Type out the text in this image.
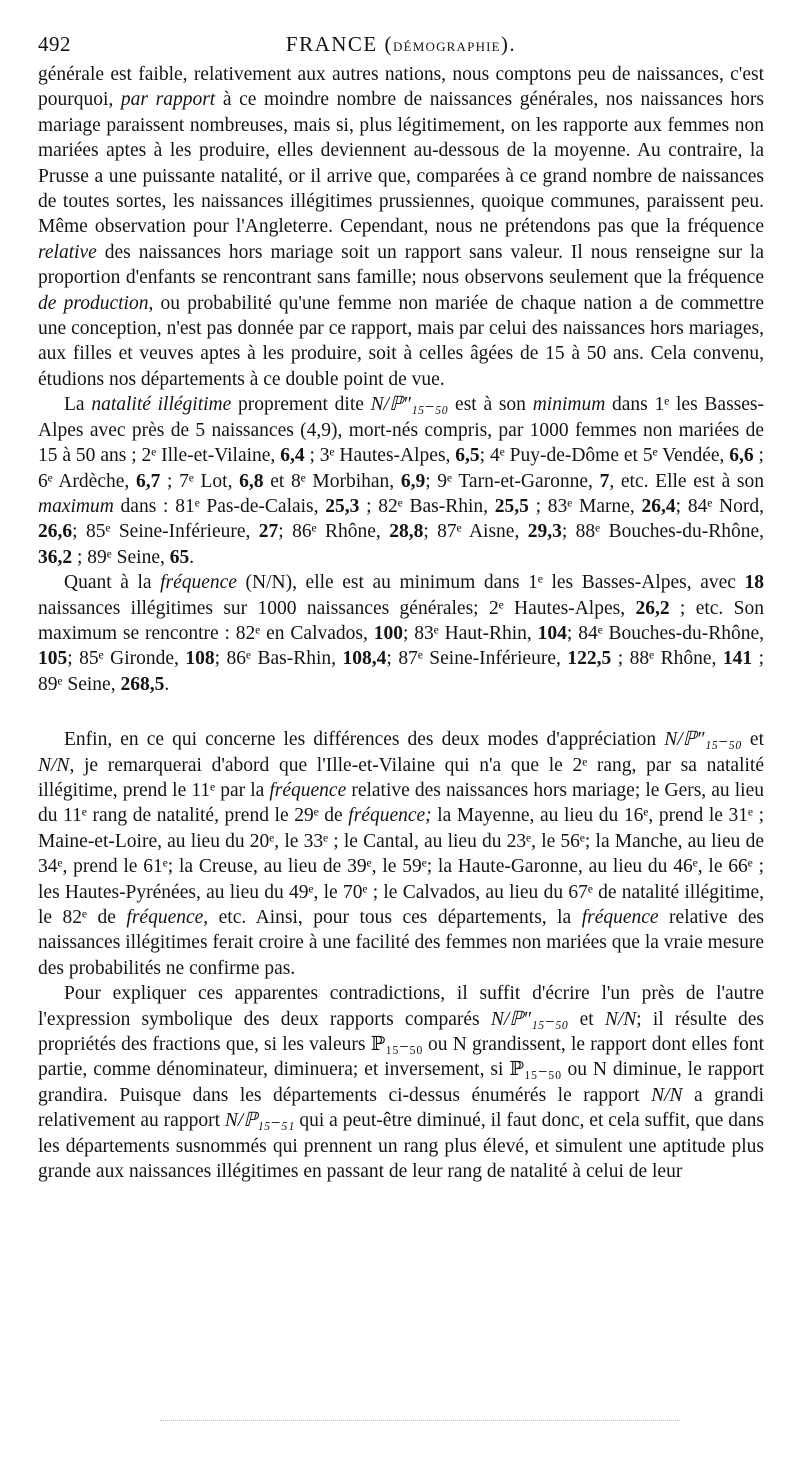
492	FRANCE (DÉMOGRAPHIE).

générale est faible, relativement aux autres nations, nous comptons peu de naissances, c'est pourquoi, par rapport à ce moindre nombre de naissances générales, nos naissances hors mariage paraissent nombreuses, mais si, plus légitimement, on les rapporte aux femmes non mariées aptes à les produire, elles deviennent au-dessous de la moyenne. Au contraire, la Prusse a une puissante natalité, or il arrive que, comparées à ce grand nombre de naissances de toutes sortes, les naissances illégitimes prussiennes, quoique communes, paraissent peu. Même observation pour l'Angleterre. Cependant, nous ne prétendons pas que la fréquence relative des naissances hors mariage soit un rapport sans valeur. Il nous renseigne sur la proportion d'enfants se rencontrant sans famille; nous observons seulement que la fréquence de production, ou probabilité qu'une femme non mariée de chaque nation a de commettre une conception, n'est pas donnée par ce rapport, mais par celui des naissances hors mariages, aux filles et veuves aptes à les produire, soit à celles âgées de 15 à 50 ans. Cela convenu, étudions nos départements à ce double point de vue.

La natalité illégitime proprement dite N/ℙ″₁₅₋₅₀ est à son minimum dans 1ᵉ les Basses-Alpes avec près de 5 naissances (4,9), mort-nés compris, par 1000 femmes non mariées de 15 à 50 ans ; 2ᵉ Ille-et-Vilaine, 6,4 ; 3ᵉ Hautes-Alpes, 6,5; 4ᵉ Puy-de-Dôme et 5ᵉ Vendée, 6,6 ; 6ᵉ Ardèche, 6,7 ; 7ᵉ Lot, 6,8 et 8ᵉ Morbihan, 6,9; 9ᵉ Tarn-et-Garonne, 7, etc. Elle est à son maximum dans : 81ᵉ Pas-de-Calais, 25,3 ; 82ᵉ Bas-Rhin, 25,5 ; 83ᵉ Marne, 26,4; 84ᵉ Nord, 26,6; 85ᵉ Seine-Inférieure, 27; 86ᵉ Rhône, 28,8; 87ᵉ Aisne, 29,3; 88ᵉ Bouches-du-Rhône, 36,2 ; 89ᵉ Seine, 65.

Quant à la fréquence (N/N), elle est au minimum dans 1ᵉ les Basses-Alpes, avec 18 naissances illégitimes sur 1000 naissances générales; 2ᵉ Hautes-Alpes, 26,2 ; etc. Son maximum se rencontre : 82ᵉ en Calvados, 100; 83ᵉ Haut-Rhin, 104; 84ᵉ Bouches-du-Rhône, 105; 85ᵉ Gironde, 108; 86ᵉ Bas-Rhin, 108,4; 87ᵉ Seine-Inférieure, 122,5 ; 88ᵉ Rhône, 141 ; 89ᵉ Seine, 268,5.

Enfin, en ce qui concerne les différences des deux modes d'appréciation N/ℙ″₁₅₋₅₀ et N/N, je remarquerai d'abord que l'Ille-et-Vilaine qui n'a que le 2ᵉ rang, par sa natalité illégitime, prend le 11ᵉ par la fréquence relative des naissances hors mariage; le Gers, au lieu du 11ᵉ rang de natalité, prend le 29ᵉ de fréquence; la Mayenne, au lieu du 16ᵉ, prend le 31ᵉ ; Maine-et-Loire, au lieu du 20ᵉ, le 33ᵉ ; le Cantal, au lieu du 23ᵉ, le 56ᵉ; la Manche, au lieu de 34ᵉ, prend le 61ᵉ; la Creuse, au lieu de 39ᵉ, le 59ᵉ; la Haute-Garonne, au lieu du 46ᵉ, le 66ᵉ ; les Hautes-Pyrénées, au lieu du 49ᵉ, le 70ᵉ ; le Calvados, au lieu du 67ᵉ de natalité illégitime, le 82ᵉ de fréquence, etc. Ainsi, pour tous ces départements, la fréquence relative des naissances illégitimes ferait croire à une facilité des femmes non mariées que la vraie mesure des probabilités ne confirme pas.

Pour expliquer ces apparentes contradictions, il suffit d'écrire l'un près de l'autre l'expression symbolique des deux rapports comparés N/ℙ″₁₅₋₅₀ et N/N; il résulte des propriétés des fractions que, si les valeurs ℙ₁₅₋₅₀ ou N grandissent, le rapport dont elles font partie, comme dénominateur, diminuera; et inversement, si ℙ₁₅₋₅₀ ou N diminue, le rapport grandira. Puisque dans les départements ci-dessus énumérés le rapport N/N a grandi relativement au rapport N/ℙ₁₅₋₅₁ qui a peut-être diminué, il faut donc, et cela suffit, que dans les départements susnommés qui prennent un rang plus élevé, et simulent une aptitude plus grande aux naissances illégitimes en passant de leur rang de natalité à celui de leur
